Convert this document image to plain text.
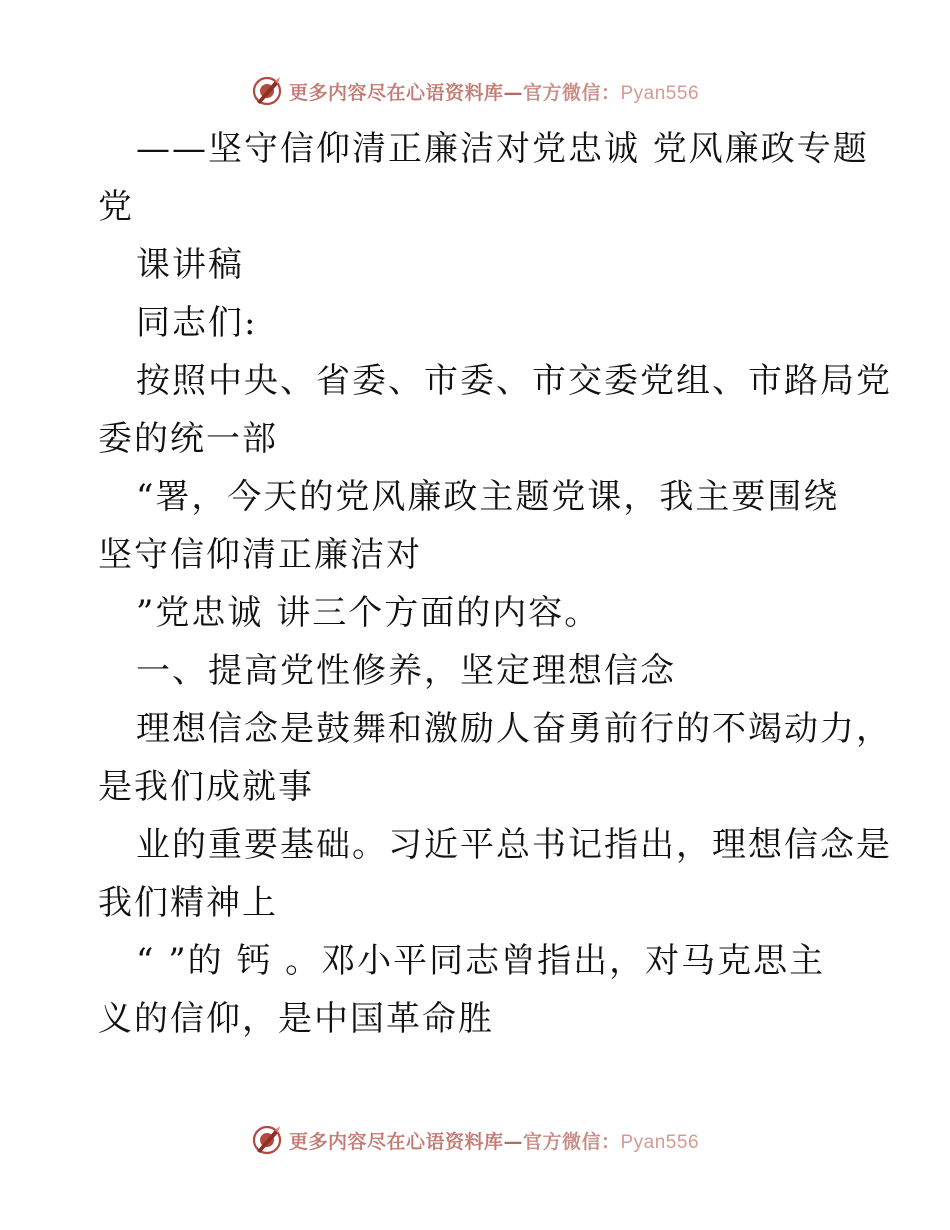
更多内容尽在心语资料库—官方微信：Pyan556
——坚守信仰清正廉洁对党忠诚 党风廉政专题
党
课讲稿
同志们:
按照中央、省委、市委、市交委党组、市路局党
委的统一部
“署，今天的党风廉政主题党课，我主要围绕
坚守信仰清正廉洁对
”党忠诚 讲三个方面的内容。
一、提高党性修养，坚定理想信念
理想信念是鼓舞和激励人奋勇前行的不竭动力，
是我们成就事
业的重要基础。习近平总书记指出，理想信念是
我们精神上
“ ”的 钙 。邓小平同志曾指出，对马克思主
义的信仰，是中国革命胜
更多内容尽在心语资料库—官方微信：Pyan556
